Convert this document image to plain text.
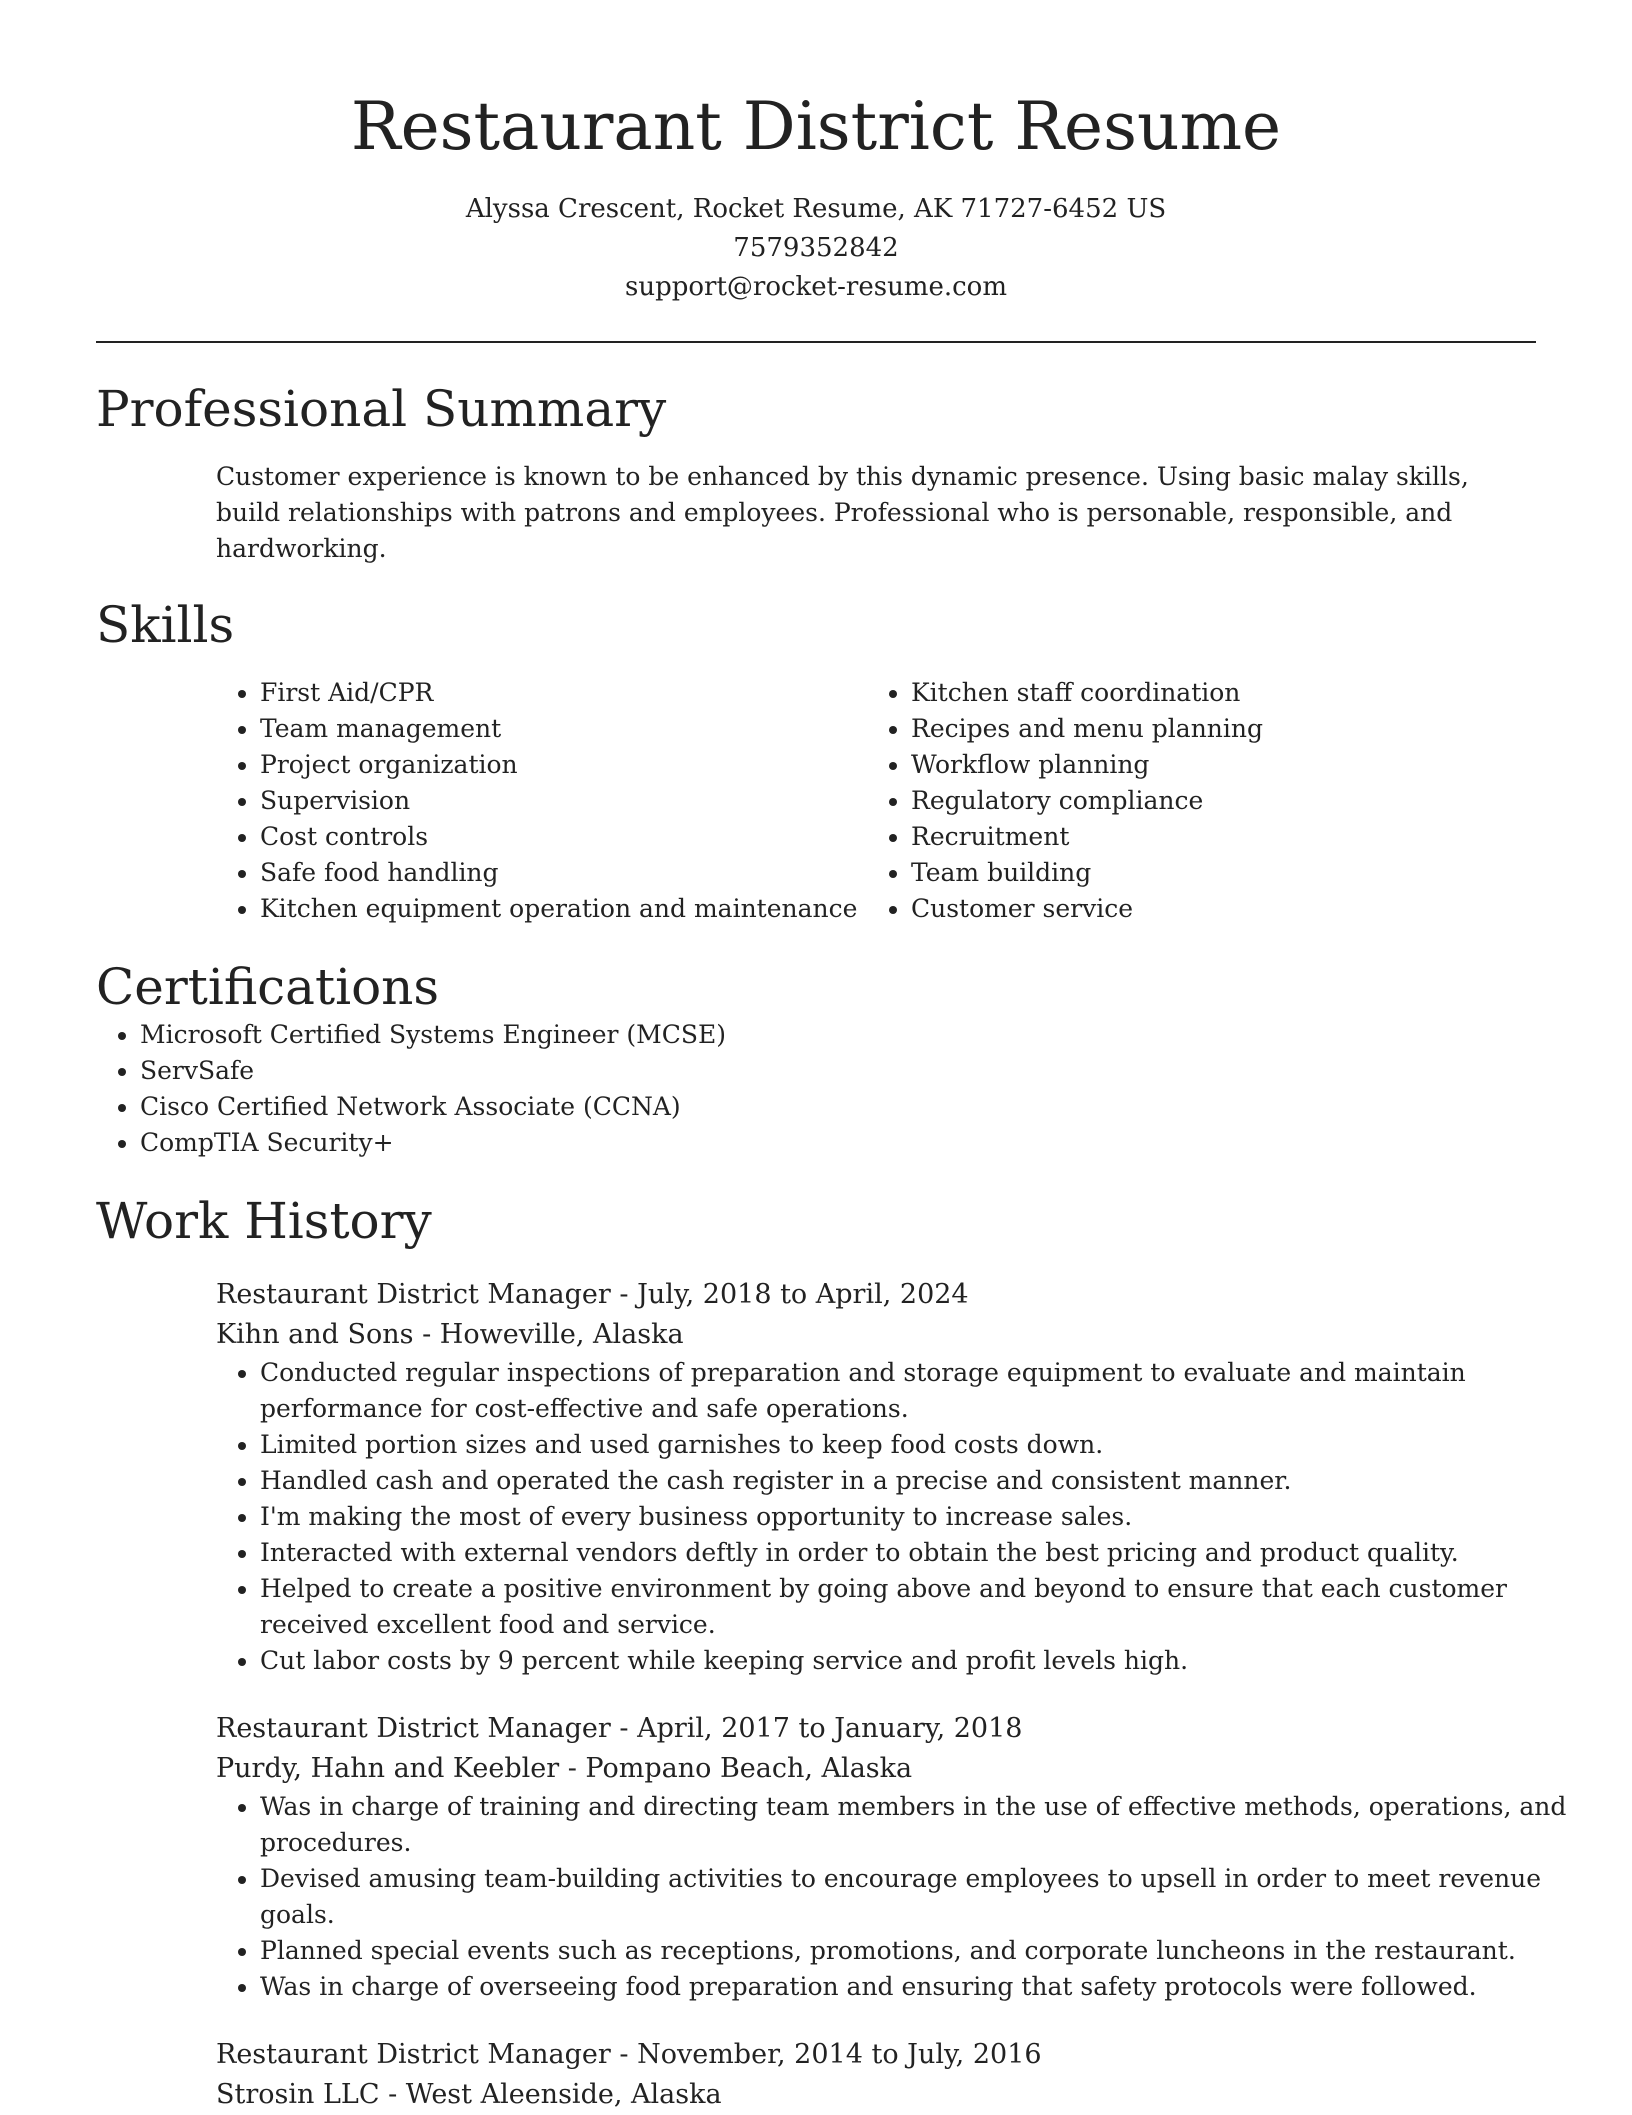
Restaurant District Resume
Alyssa Crescent, Rocket Resume, AK 71727-6452 US
7579352842
support@rocket-resume.com
Professional Summary

Customer experience is known to be enhanced by this dynamic presence. Using basic malay skills, build relationships with patrons and employees. Professional who is personable, responsible, and hardworking.

Skills
• First Aid/CPR
• Team management
• Project organization
• Supervision
• Cost controls
• Safe food handling
• Kitchen equipment operation and maintenance
• Kitchen staff coordination
• Recipes and menu planning
• Workflow planning
• Regulatory compliance
• Recruitment
• Team building
• Customer service
Certifications
• Microsoft Certified Systems Engineer (MCSE)
• ServSafe
• Cisco Certified Network Associate (CCNA)
• CompTIA Security+
Work History
Restaurant District Manager - July, 2018 to April, 2024
Kihn and Sons - Howeville, Alaska
• Conducted regular inspections of preparation and storage equipment to evaluate and maintain performance for cost-effective and safe operations.
• Limited portion sizes and used garnishes to keep food costs down.
• Handled cash and operated the cash register in a precise and consistent manner.
• I'm making the most of every business opportunity to increase sales.
• Interacted with external vendors deftly in order to obtain the best pricing and product quality.
• Helped to create a positive environment by going above and beyond to ensure that each customer received excellent food and service.
• Cut labor costs by 9 percent while keeping service and profit levels high.
Restaurant District Manager - April, 2017 to January, 2018
Purdy, Hahn and Keebler - Pompano Beach, Alaska
• Was in charge of training and directing team members in the use of effective methods, operations, and procedures.
• Devised amusing team-building activities to encourage employees to upsell in order to meet revenue goals.
• Planned special events such as receptions, promotions, and corporate luncheons in the restaurant.
• Was in charge of overseeing food preparation and ensuring that safety protocols were followed.
Restaurant District Manager - November, 2014 to July, 2016
Strosin LLC - West Aleenside, Alaska
